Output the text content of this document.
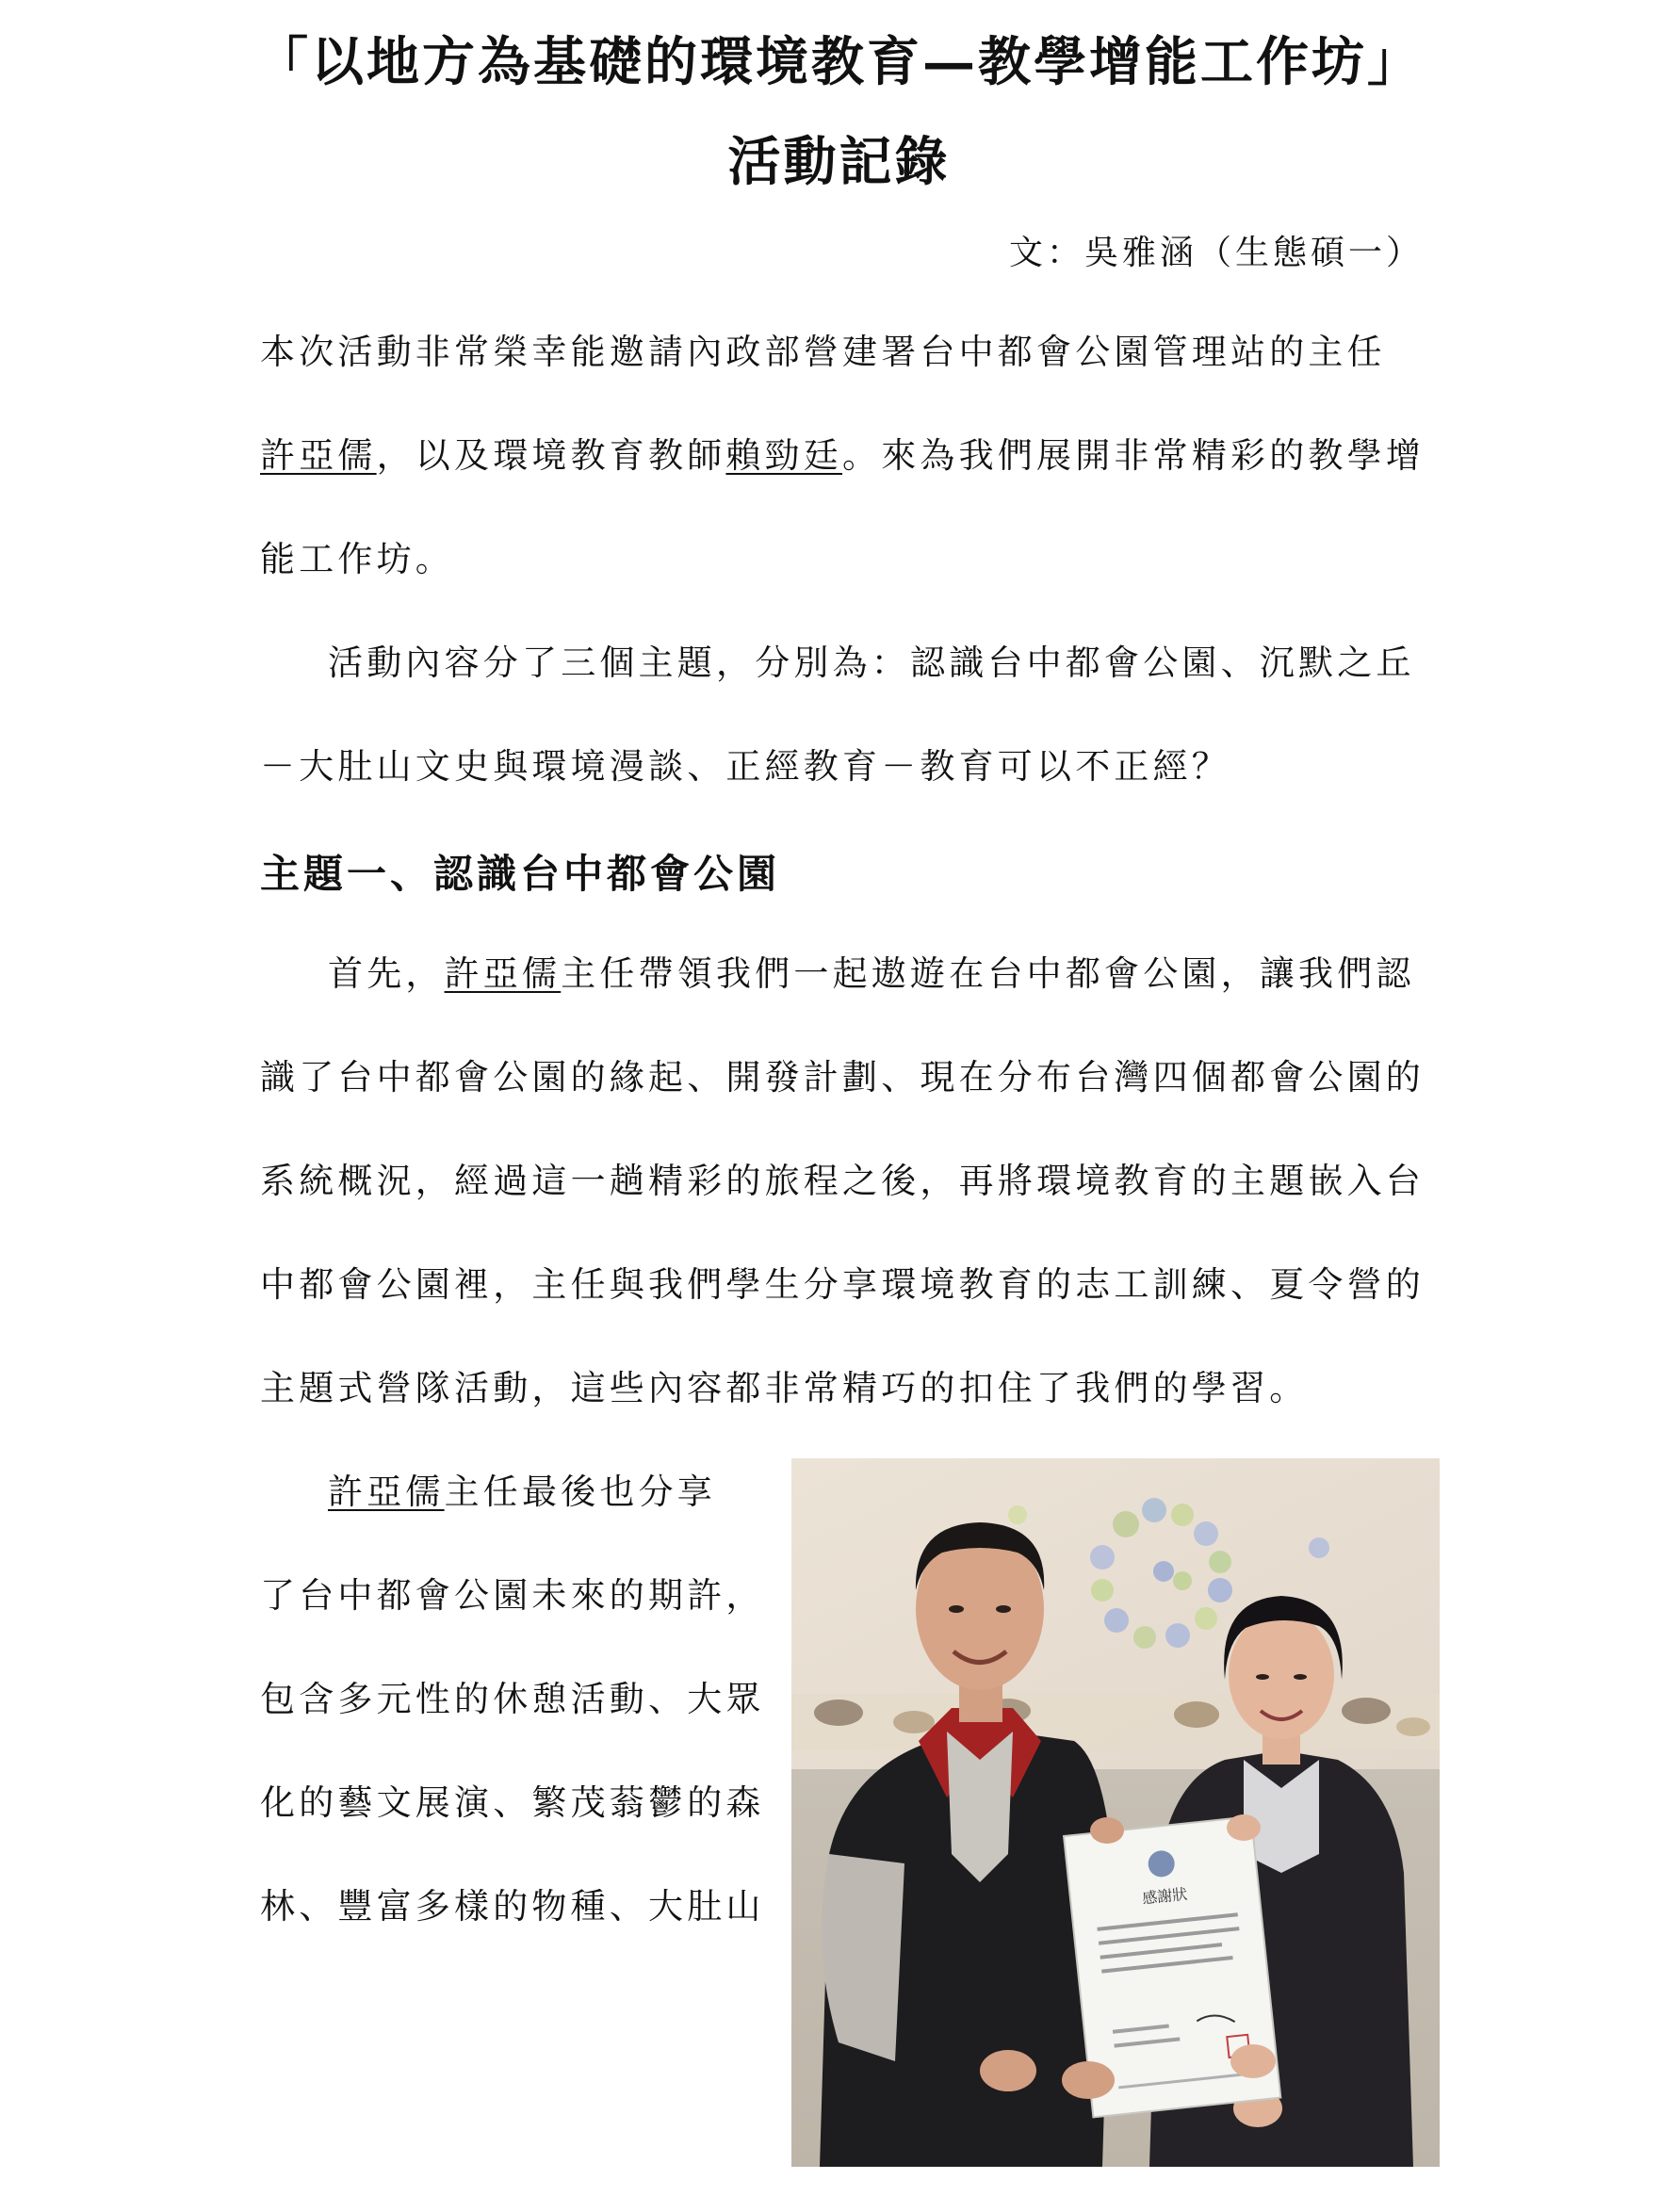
「以地方為基礎的環境教育—教學增能工作坊」
活動記錄
文：吳雅涵（生態碩一）
本次活動非常榮幸能邀請內政部營建署台中都會公園管理站的主任
許亞儒，以及環境教育教師賴勁廷。來為我們展開非常精彩的教學增
能工作坊。
活動內容分了三個主題，分別為：認識台中都會公園、沉默之丘
－大肚山文史與環境漫談、正經教育－教育可以不正經？
主題一、認識台中都會公園
首先，許亞儒主任帶領我們一起遨遊在台中都會公園，讓我們認
識了台中都會公園的緣起、開發計劃、現在分布台灣四個都會公園的
系統概況，經過這一趟精彩的旅程之後，再將環境教育的主題嵌入台
中都會公園裡，主任與我們學生分享環境教育的志工訓練、夏令營的
主題式營隊活動，這些內容都非常精巧的扣住了我們的學習。
許亞儒主任最後也分享
了台中都會公園未來的期許，
包含多元性的休憩活動、大眾
化的藝文展演、繁茂蓊鬱的森
林、豐富多樣的物種、大肚山	感謝狀
